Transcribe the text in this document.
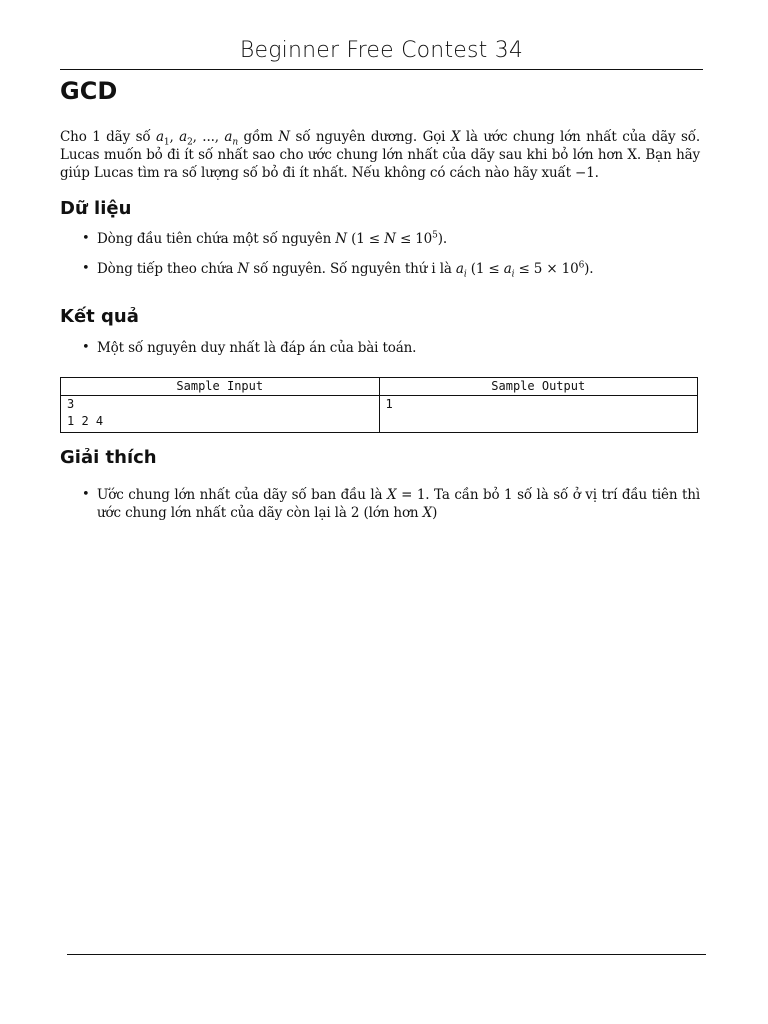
Beginner Free Contest 34
GCD

Cho 1 dãy số $a_1$, $a_2$, ..., $a_n$ gồm N số nguyên dương. Gọi X là ước chung lớn nhất của dãy số. Lucas muốn bỏ đi ít số nhất sao cho ước chung lớn nhất của dãy sau khi bỏ lớn hơn X. Bạn hãy giúp Lucas tìm ra số lượng số bỏ đi ít nhất. Nếu không có cách nào hãy xuất −1.

Dữ liệu
• Dòng đầu tiên chứa một số nguyên N $(1 \le N \le 10^5)$.
• Dòng tiếp theo chứa N số nguyên. Số nguyên thứ i là $a_i$ $(1 \le a_i \le 5 \times 10^6)$.
Kết quả
• Một số nguyên duy nhất là đáp án của bài toán.
Sample Input	Sample Output
3
1 2 4	1
Giải thích
• Ước chung lớn nhất của dãy số ban đầu là X = 1. Ta cần bỏ 1 số là số ở vị trí đầu tiên thì ước chung lớn nhất của dãy còn lại là 2 (lớn hơn X)
